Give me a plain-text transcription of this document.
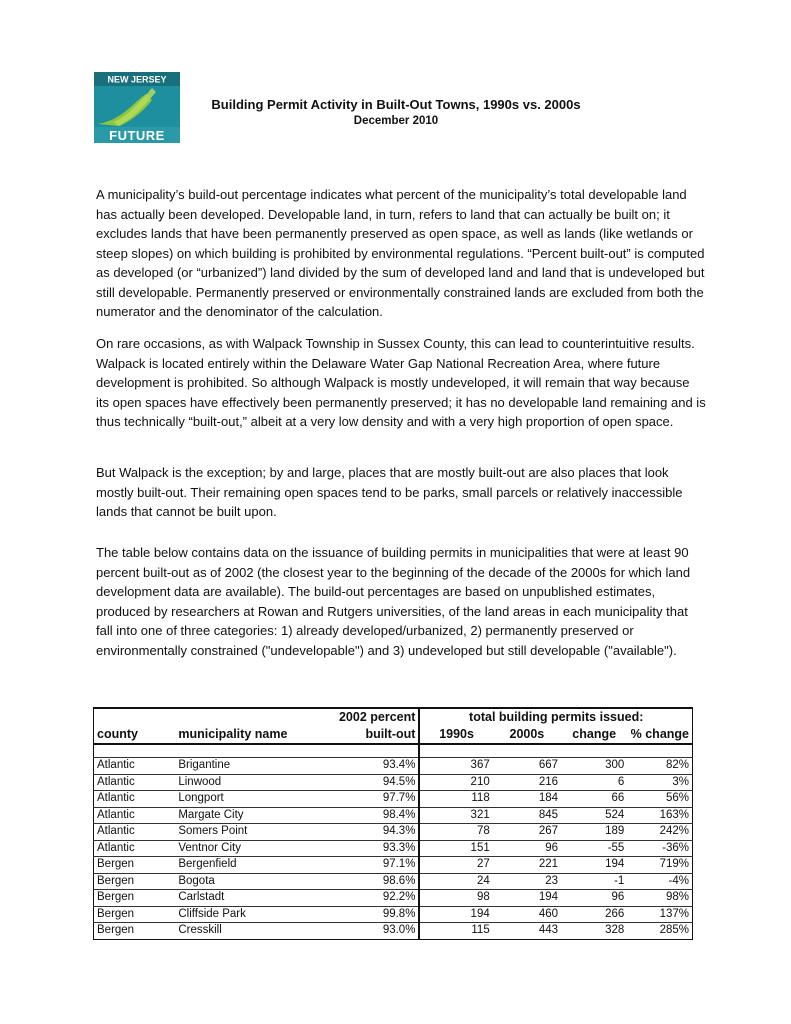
NEW JERSEY
FUTURE
Building Permit Activity in Built-Out Towns, 1990s vs. 2000s
December 2010

A municipality’s build-out percentage indicates what percent of the municipality’s total developable land has actually been developed. Developable land, in turn, refers to land that can actually be built on; it excludes lands that have been permanently preserved as open space, as well as lands (like wetlands or steep slopes) on which building is prohibited by environmental regulations. “Percent built-out” is computed as developed (or “urbanized”) land divided by the sum of developed land and land that is undeveloped but still developable. Permanently preserved or environmentally constrained lands are excluded from both the numerator and the denominator of the calculation.

On rare occasions, as with Walpack Township in Sussex County, this can lead to counterintuitive results. Walpack is located entirely within the Delaware Water Gap National Recreation Area, where future development is prohibited. So although Walpack is mostly undeveloped, it will remain that way because its open spaces have effectively been permanently preserved; it has no developable land remaining and is thus technically “built-out,” albeit at a very low density and with a very high proportion of open space.

But Walpack is the exception; by and large, places that are mostly built-out are also places that look mostly built-out. Their remaining open spaces tend to be parks, small parcels or relatively inaccessible lands that cannot be built upon.

The table below contains data on the issuance of building permits in municipalities that were at least 90 percent built-out as of 2002 (the closest year to the beginning of the decade of the 2000s for which land development data are available). The build-out percentages are based on unpublished estimates, produced by researchers at Rowan and Rutgers universities, of the land areas in each municipality that fall into one of three categories: 1) already developed/urbanized, 2) permanently preserved or environmentally constrained ("undevelopable") and 3) undeveloped but still developable ("available").

		2002 percent	total building permits issued:			
county	municipality name	built-out	1990s	2000s	change	% change

Atlantic	Brigantine	93.4%	367	667	300	82%
Atlantic	Linwood	94.5%	210	216	6	3%
Atlantic	Longport	97.7%	118	184	66	56%
Atlantic	Margate City	98.4%	321	845	524	163%
Atlantic	Somers Point	94.3%	78	267	189	242%
Atlantic	Ventnor City	93.3%	151	96	-55	-36%
Bergen	Bergenfield	97.1%	27	221	194	719%
Bergen	Bogota	98.6%	24	23	-1	-4%
Bergen	Carlstadt	92.2%	98	194	96	98%
Bergen	Cliffside Park	99.8%	194	460	266	137%
Bergen	Cresskill	93.0%	115	443	328	285%
